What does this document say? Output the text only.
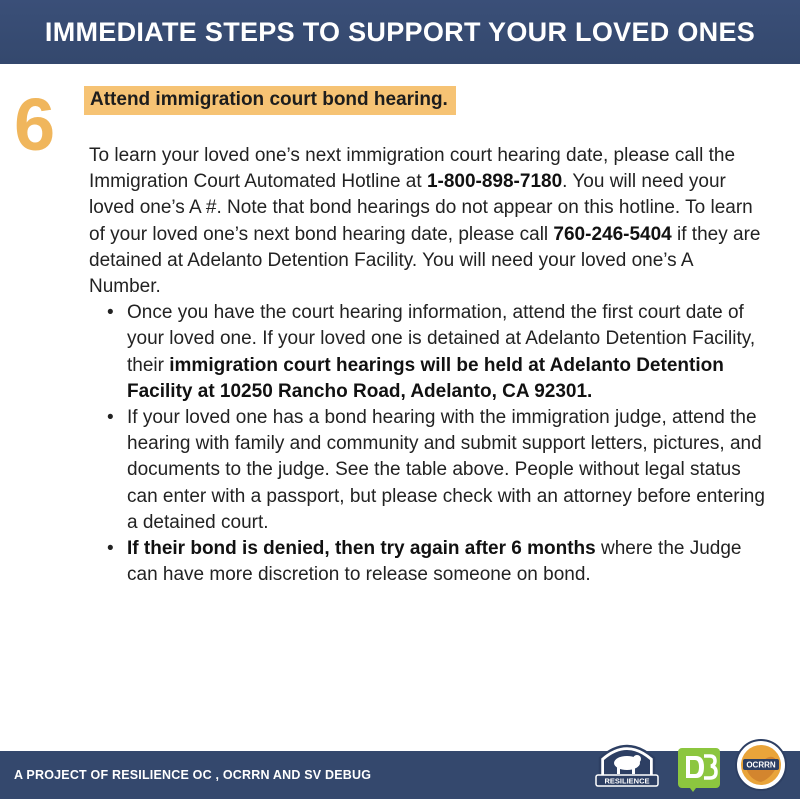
IMMEDIATE STEPS TO SUPPORT YOUR LOVED ONES
6	Attend immigration court bond hearing.

To learn your loved one’s next immigration court hearing date, please call the Immigration Court Automated Hotline at 1-800-898-7180. You will need your loved one’s A #. Note that bond hearings do not appear on this hotline. To learn of your loved one’s next bond hearing date, please call 760-246-5404 if they are detained at Adelanto Detention Facility. You will need your loved one’s A Number.

• Once you have the court hearing information, attend the first court date of your loved one. If your loved one is detained at Adelanto Detention Facility, their immigration court hearings will be held at Adelanto Detention Facility at 10250 Rancho Road, Adelanto, CA 92301.
• If your loved one has a bond hearing with the immigration judge, attend the hearing with family and community and submit support letters, pictures, and documents to the judge. See the table above. People without legal status can enter with a passport, but please check with an attorney before entering a detained court.
• If their bond is denied, then try again after 6 months where the Judge can have more discretion to release someone on bond.
A PROJECT OF RESILIENCE OC , OCRRN AND SV DEBUG	RESILIENCE
OCRRN
